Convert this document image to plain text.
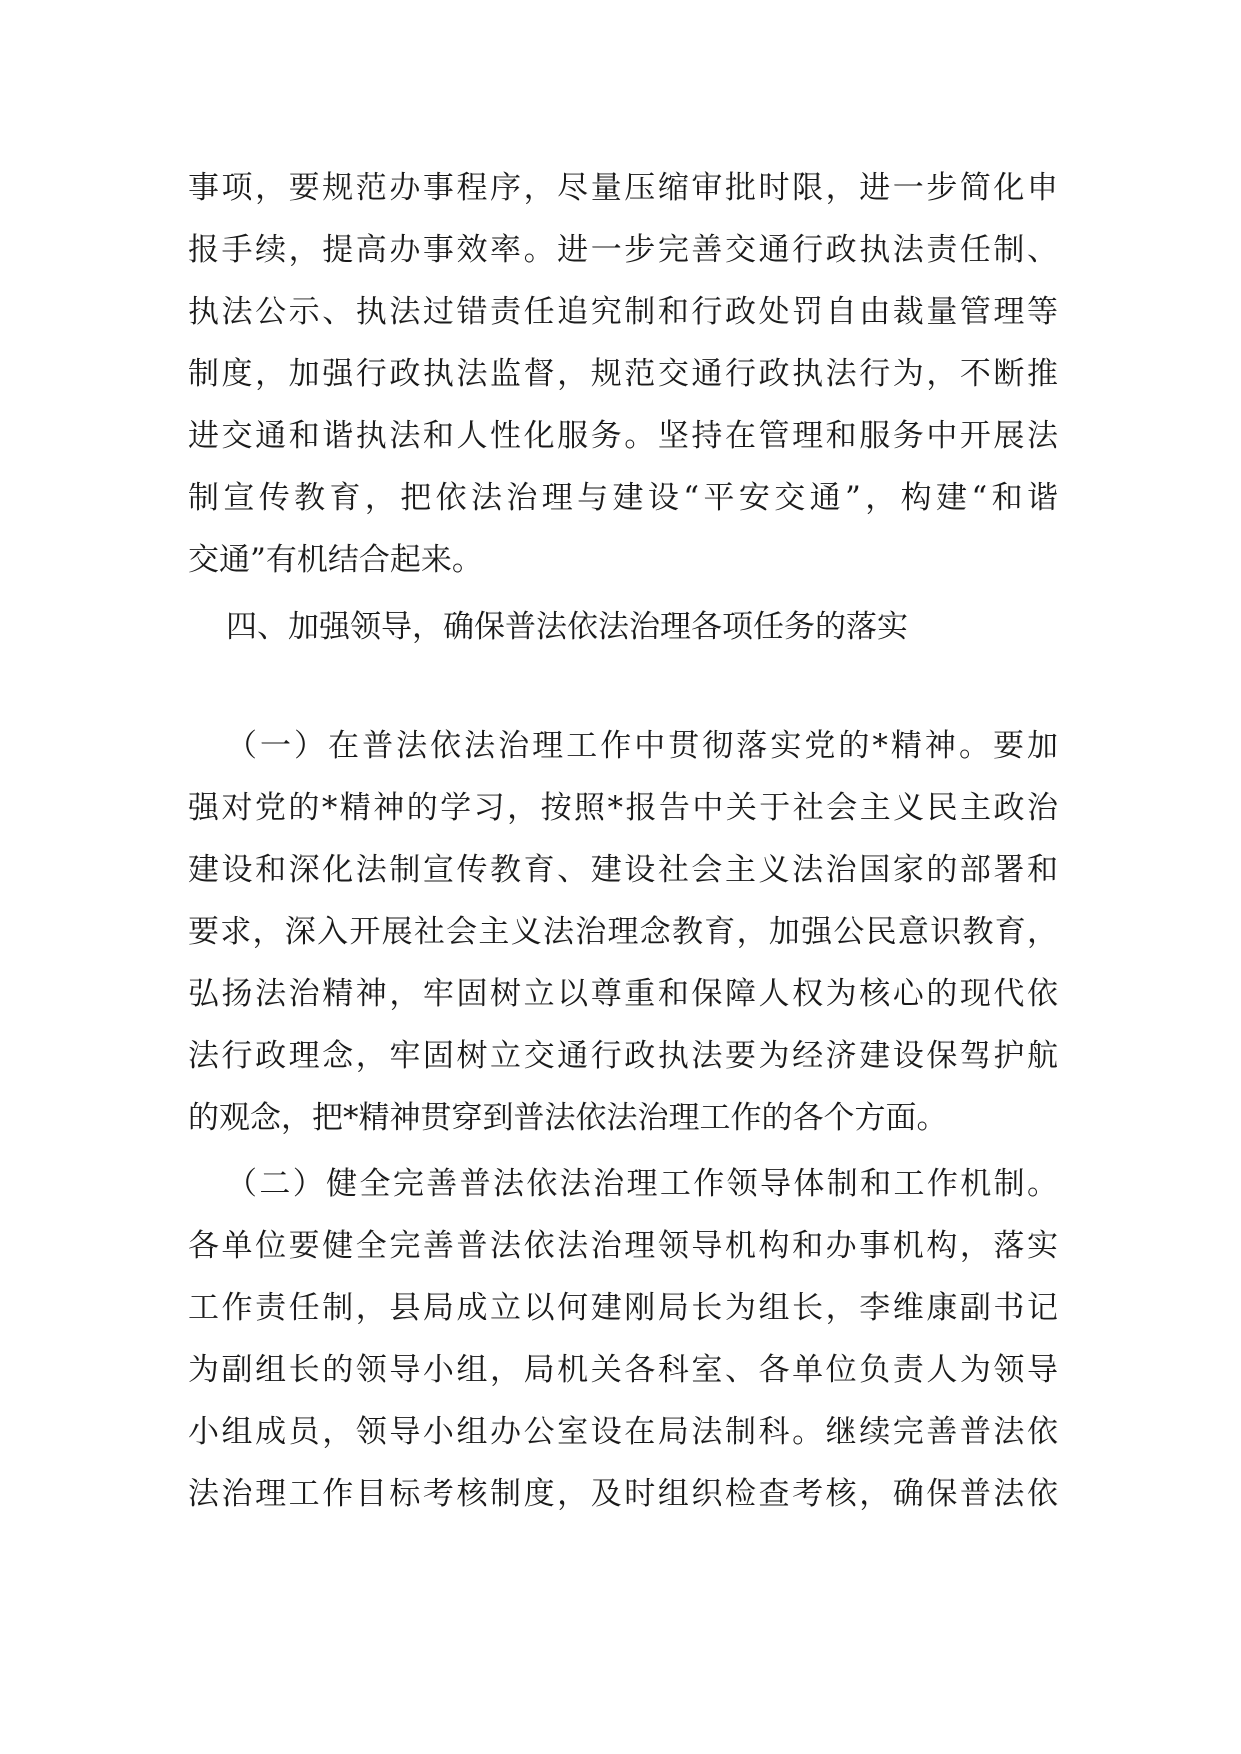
事项，要规范办事程序，尽量压缩审批时限，进一步简化申
报手续，提高办事效率。进一步完善交通行政执法责任制、
执法公示、执法过错责任追究制和行政处罚自由裁量管理等
制度，加强行政执法监督，规范交通行政执法行为，不断推
进交通和谐执法和人性化服务。坚持在管理和服务中开展法
制宣传教育，把依法治理与建设“平安交通”，构建“和谐
交通”有机结合起来。
四、加强领导，确保普法依法治理各项任务的落实
（一）在普法依法治理工作中贯彻落实党的*精神。要加
强对党的*精神的学习，按照*报告中关于社会主义民主政治
建设和深化法制宣传教育、建设社会主义法治国家的部署和
要求，深入开展社会主义法治理念教育，加强公民意识教育，
弘扬法治精神，牢固树立以尊重和保障人权为核心的现代依
法行政理念，牢固树立交通行政执法要为经济建设保驾护航
的观念，把*精神贯穿到普法依法治理工作的各个方面。
（二）健全完善普法依法治理工作领导体制和工作机制。
各单位要健全完善普法依法治理领导机构和办事机构，落实
工作责任制，县局成立以何建刚局长为组长，李维康副书记
为副组长的领导小组，局机关各科室、各单位负责人为领导
小组成员，领导小组办公室设在局法制科。继续完善普法依
法治理工作目标考核制度，及时组织检查考核，确保普法依
